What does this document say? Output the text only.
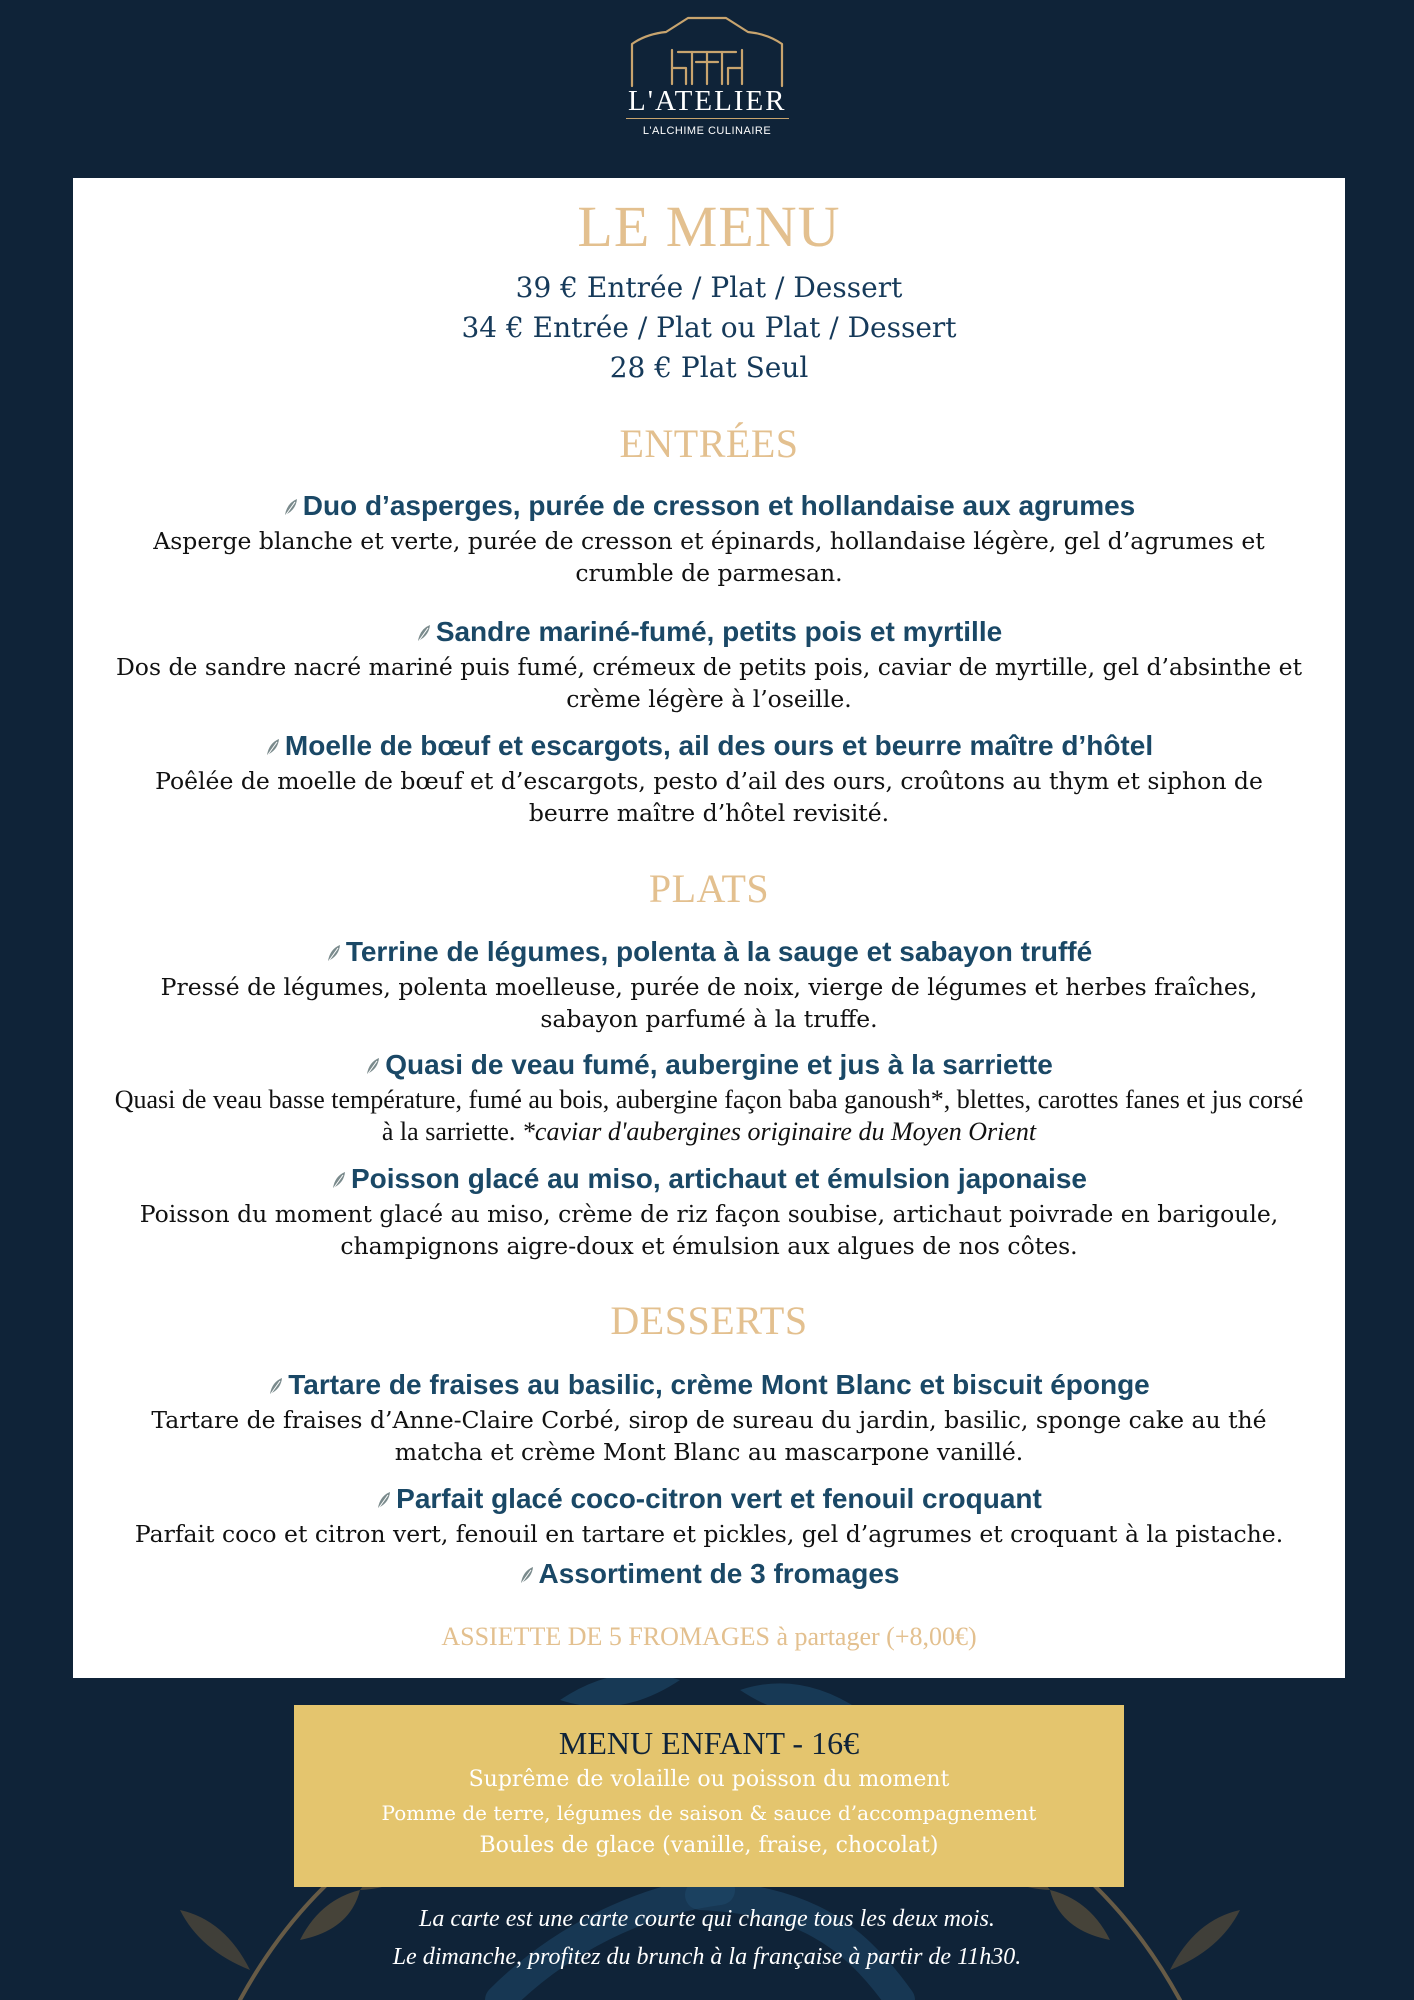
L'ATELIER
L'ALCHIME CULINAIRE
LE MENU
39 € Entrée / Plat / Dessert
34 € Entrée / Plat ou Plat / Dessert
28 € Plat Seul
ENTRÉES
Duo d’asperges, purée de cresson et hollandaise aux agrumes
Asperge blanche et verte, purée de cresson et épinards, hollandaise légère, gel d’agrumes et crumble de parmesan.
Sandre mariné-fumé, petits pois et myrtille
Dos de sandre nacré mariné puis fumé, crémeux de petits pois, caviar de myrtille, gel d’absinthe et crème légère à l’oseille.
Moelle de bœuf et escargots, ail des ours et beurre maître d’hôtel
Poêlée de moelle de bœuf et d’escargots, pesto d’ail des ours, croûtons au thym et siphon de beurre maître d’hôtel revisité.
PLATS
Terrine de légumes, polenta à la sauge et sabayon truffé
Pressé de légumes, polenta moelleuse, purée de noix, vierge de légumes et herbes fraîches, sabayon parfumé à la truffe.
Quasi de veau fumé, aubergine et jus à la sarriette
Quasi de veau basse température, fumé au bois, aubergine façon baba ganoush*, blettes, carottes fanes et jus corsé à la sarriette. *caviar d'aubergines originaire du Moyen Orient
Poisson glacé au miso, artichaut et émulsion japonaise
Poisson du moment glacé au miso, crème de riz façon soubise, artichaut poivrade en barigoule, champignons aigre-doux et émulsion aux algues de nos côtes.
DESSERTS
Tartare de fraises au basilic, crème Mont Blanc et biscuit éponge
Tartare de fraises d’Anne-Claire Corbé, sirop de sureau du jardin, basilic, sponge cake au thé matcha et crème Mont Blanc au mascarpone vanillé.
Parfait glacé coco-citron vert et fenouil croquant
Parfait coco et citron vert, fenouil en tartare et pickles, gel d’agrumes et croquant à la pistache.
Assortiment de 3 fromages
ASSIETTE DE 5 FROMAGES à partager (+8,00€)
MENU ENFANT - 16€
Suprême de volaille ou poisson du moment
Pomme de terre, légumes de saison & sauce d’accompagnement
Boules de glace (vanille, fraise, chocolat)
La carte est une carte courte qui change tous les deux mois.
Le dimanche, profitez du brunch à la française à partir de 11h30.
